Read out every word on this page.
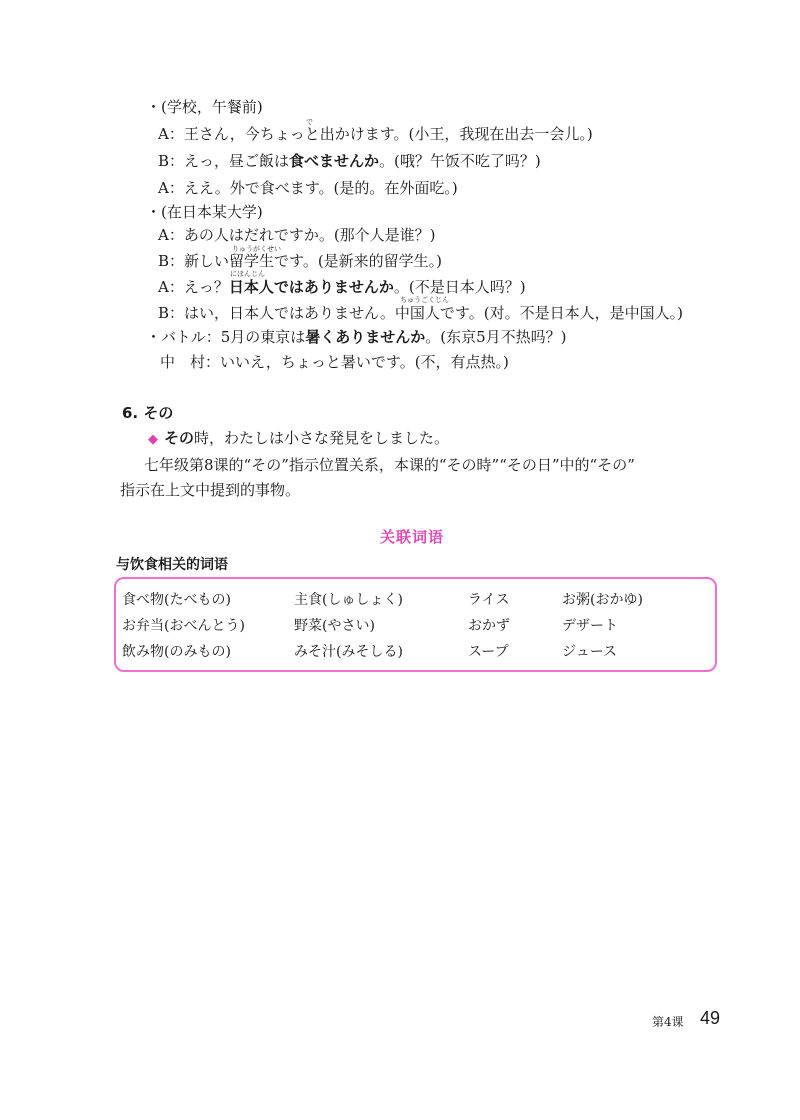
・(学校，午餐前)
で
A：王さん，今ちょっと出かけます。(小王，我现在出去一会儿。)
B：えっ，昼ご飯は食べませんか。(哦？午饭不吃了吗？)
A：ええ。外で食べます。(是的。在外面吃。)
・(在日本某大学)
A：あの人はだれですか。(那个人是谁？)
りゅうがくせい
B：新しい留学生です。(是新来的留学生。)
にほんじん
A：えっ？日本人ではありませんか。(不是日本人吗？)
ちゅうごくじん
B：はい，日本人ではありません。中国人です。(对。不是日本人，是中国人。)
・バトル：5月の東京は暑くありませんか。(东京5月不热吗？)
中　村：いいえ，ちょっと暑いです。(不，有点热。)
6. その
◆ その時，わたしは小さな発見をしました。
七年级第8课的“その”指示位置关系，本课的“その時”“その日”中的“その”
指示在上文中提到的事物。
关联词语
与饮食相关的词语
食べ物(たべもの)	主食(しゅしょく)	ライス	お粥(おかゆ)
お弁当(おべんとう)	野菜(やさい)	おかず	デザート
飲み物(のみもの)	みそ汁(みそしる)	スープ	ジュース
第4课 49
